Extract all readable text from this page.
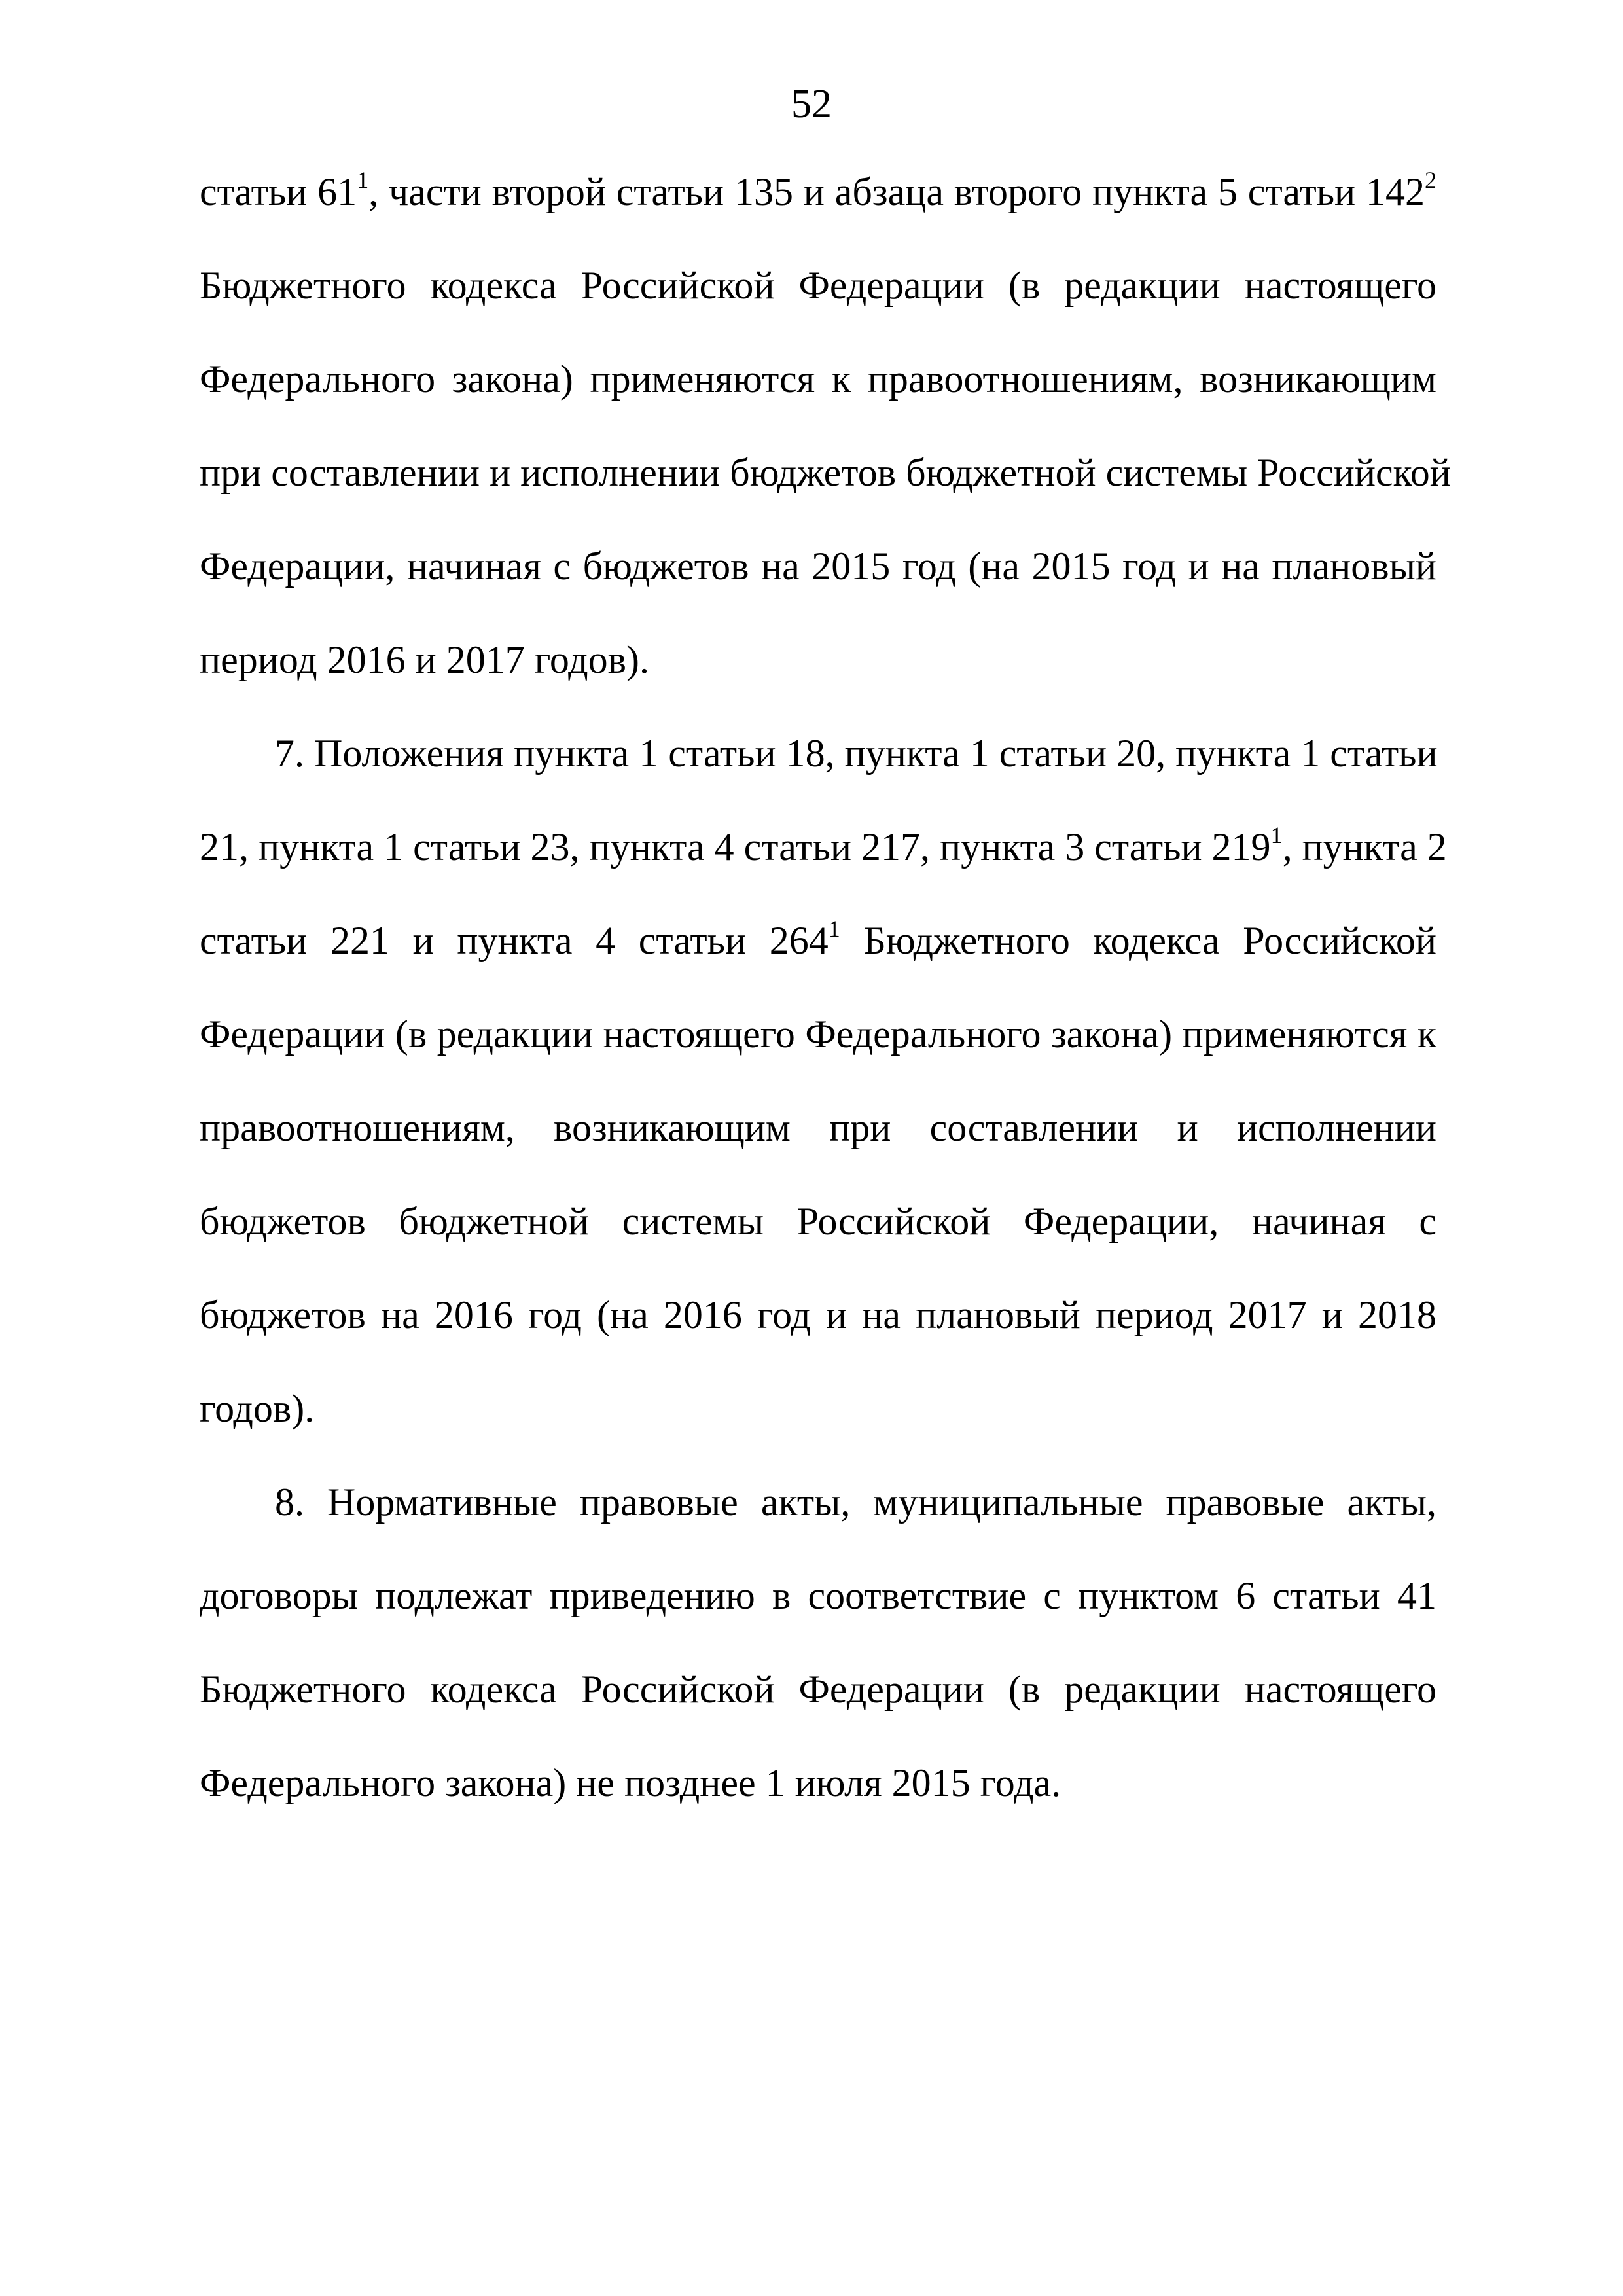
52
статьи $61^1$, части второй статьи 135 и абзаца второго пункта 5 статьи $142^2$
Бюджетного кодекса Российской Федерации (в редакции настоящего
Федерального закона) применяются к правоотношениям, возникающим
при составлении и исполнении бюджетов бюджетной системы Российской
Федерации, начиная с бюджетов на 2015 год (на 2015 год и на плановый
период 2016 и 2017 годов).
7. Положения пункта 1 статьи 18, пункта 1 статьи 20, пункта 1 статьи
21, пункта 1 статьи 23, пункта 4 статьи 217, пункта 3 статьи $219^1$, пункта 2
статьи 221 и пункта 4 статьи $264^1$ Бюджетного кодекса Российской
Федерации (в редакции настоящего Федерального закона) применяются к
правоотношениям, возникающим при составлении и исполнении
бюджетов бюджетной системы Российской Федерации, начиная с
бюджетов на 2016 год (на 2016 год и на плановый период 2017 и 2018
годов).
8. Нормативные правовые акты, муниципальные правовые акты,
договоры подлежат приведению в соответствие с пунктом 6 статьи 41
Бюджетного кодекса Российской Федерации (в редакции настоящего
Федерального закона) не позднее 1 июля 2015 года.
